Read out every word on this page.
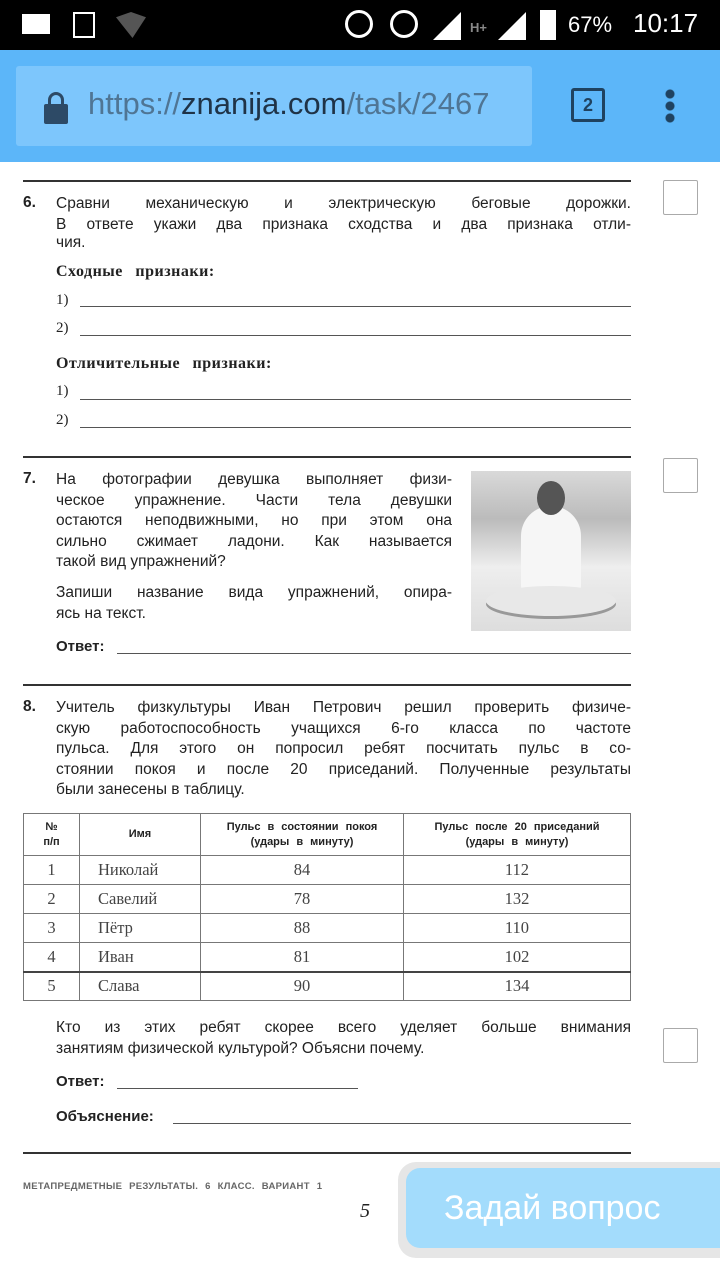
H+	67% 10:17
https://znanija.com/task/2467	2
6. Сравни механическую и электрическую беговые дорожки.
В ответе укажи два признака сходства и два признака отли-
чия.
Сходные признаки:
1)
2)
Отличительные признаки:
1)
2)
7. На фотографии девушка выполняет физи-
ческое упражнение. Части тела девушки
остаются неподвижными, но при этом она
сильно сжимает ладони. Как называется
такой вид упражнений?
Запиши название вида упражнений, опира-
ясь на текст.
Ответ:
8. Учитель физкультуры Иван Петрович решил проверить физиче-
скую работоспособность учащихся 6-го класса по частоте
пульса. Для этого он попросил ребят посчитать пульс в со-
стоянии покоя и после 20 приседаний. Полученные результаты
были занесены в таблицу.
№
п/п	Имя	Пульс в состоянии покоя
(удары в минуту)	Пульс после 20 приседаний
(удары в минуту)
1	Николай	84	112
2	Савелий	78	132
3	Пётр	88	110
4	Иван	81	102
5	Слава	90	134
Кто из этих ребят скорее всего уделяет больше внимания
занятиям физической культурой? Объясни почему.
Ответ:
Объяснение:
МЕТАПРЕДМЕТНЫЕ РЕЗУЛЬТАТЫ. 6 КЛАСС. ВАРИАНТ 1
5	Задай вопрос
